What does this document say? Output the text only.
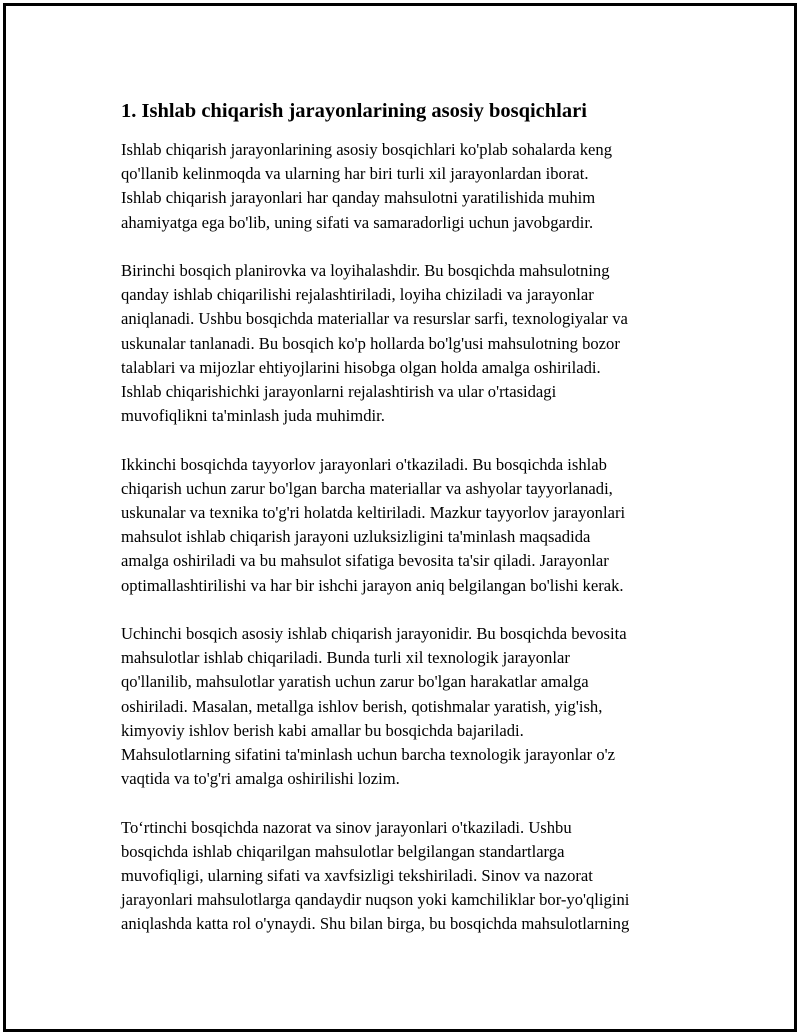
1. Ishlab chiqarish jarayonlarining asosiy bosqichlari
Ishlab chiqarish jarayonlarining asosiy bosqichlari ko'plab sohalarda keng
qo'llanib kelinmoqda va ularning har biri turli xil jarayonlardan iborat.
Ishlab chiqarish jarayonlari har qanday mahsulotni yaratilishida muhim
ahamiyatga ega bo'lib, uning sifati va samaradorligi uchun javobgardir.
Birinchi bosqich planirovka va loyihalashdir. Bu bosqichda mahsulotning
qanday ishlab chiqarilishi rejalashtiriladi, loyiha chiziladi va jarayonlar
aniqlanadi. Ushbu bosqichda materiallar va resurslar sarfi, texnologiyalar va
uskunalar tanlanadi. Bu bosqich ko'p hollarda bo'lg'usi mahsulotning bozor
talablari va mijozlar ehtiyojlarini hisobga olgan holda amalga oshiriladi.
Ishlab chiqarishichki jarayonlarni rejalashtirish va ular o'rtasidagi
muvofiqlikni ta'minlash juda muhimdir.
Ikkinchi bosqichda tayyorlov jarayonlari o'tkaziladi. Bu bosqichda ishlab
chiqarish uchun zarur bo'lgan barcha materiallar va ashyolar tayyorlanadi,
uskunalar va texnika to'g'ri holatda keltiriladi. Mazkur tayyorlov jarayonlari
mahsulot ishlab chiqarish jarayoni uzluksizligini ta'minlash maqsadida
amalga oshiriladi va bu mahsulot sifatiga bevosita ta'sir qiladi. Jarayonlar
optimallashtirilishi va har bir ishchi jarayon aniq belgilangan bo'lishi kerak.
Uchinchi bosqich asosiy ishlab chiqarish jarayonidir. Bu bosqichda bevosita
mahsulotlar ishlab chiqariladi. Bunda turli xil texnologik jarayonlar
qo'llanilib, mahsulotlar yaratish uchun zarur bo'lgan harakatlar amalga
oshiriladi. Masalan, metallga ishlov berish, qotishmalar yaratish, yig'ish,
kimyoviy ishlov berish kabi amallar bu bosqichda bajariladi.
Mahsulotlarning sifatini ta'minlash uchun barcha texnologik jarayonlar o'z
vaqtida va to'g'ri amalga oshirilishi lozim.
To‘rtinchi bosqichda nazorat va sinov jarayonlari o'tkaziladi. Ushbu
bosqichda ishlab chiqarilgan mahsulotlar belgilangan standartlarga
muvofiqligi, ularning sifati va xavfsizligi tekshiriladi. Sinov va nazorat
jarayonlari mahsulotlarga qandaydir nuqson yoki kamchiliklar bor-yo'qligini
aniqlashda katta rol o'ynaydi. Shu bilan birga, bu bosqichda mahsulotlarning
